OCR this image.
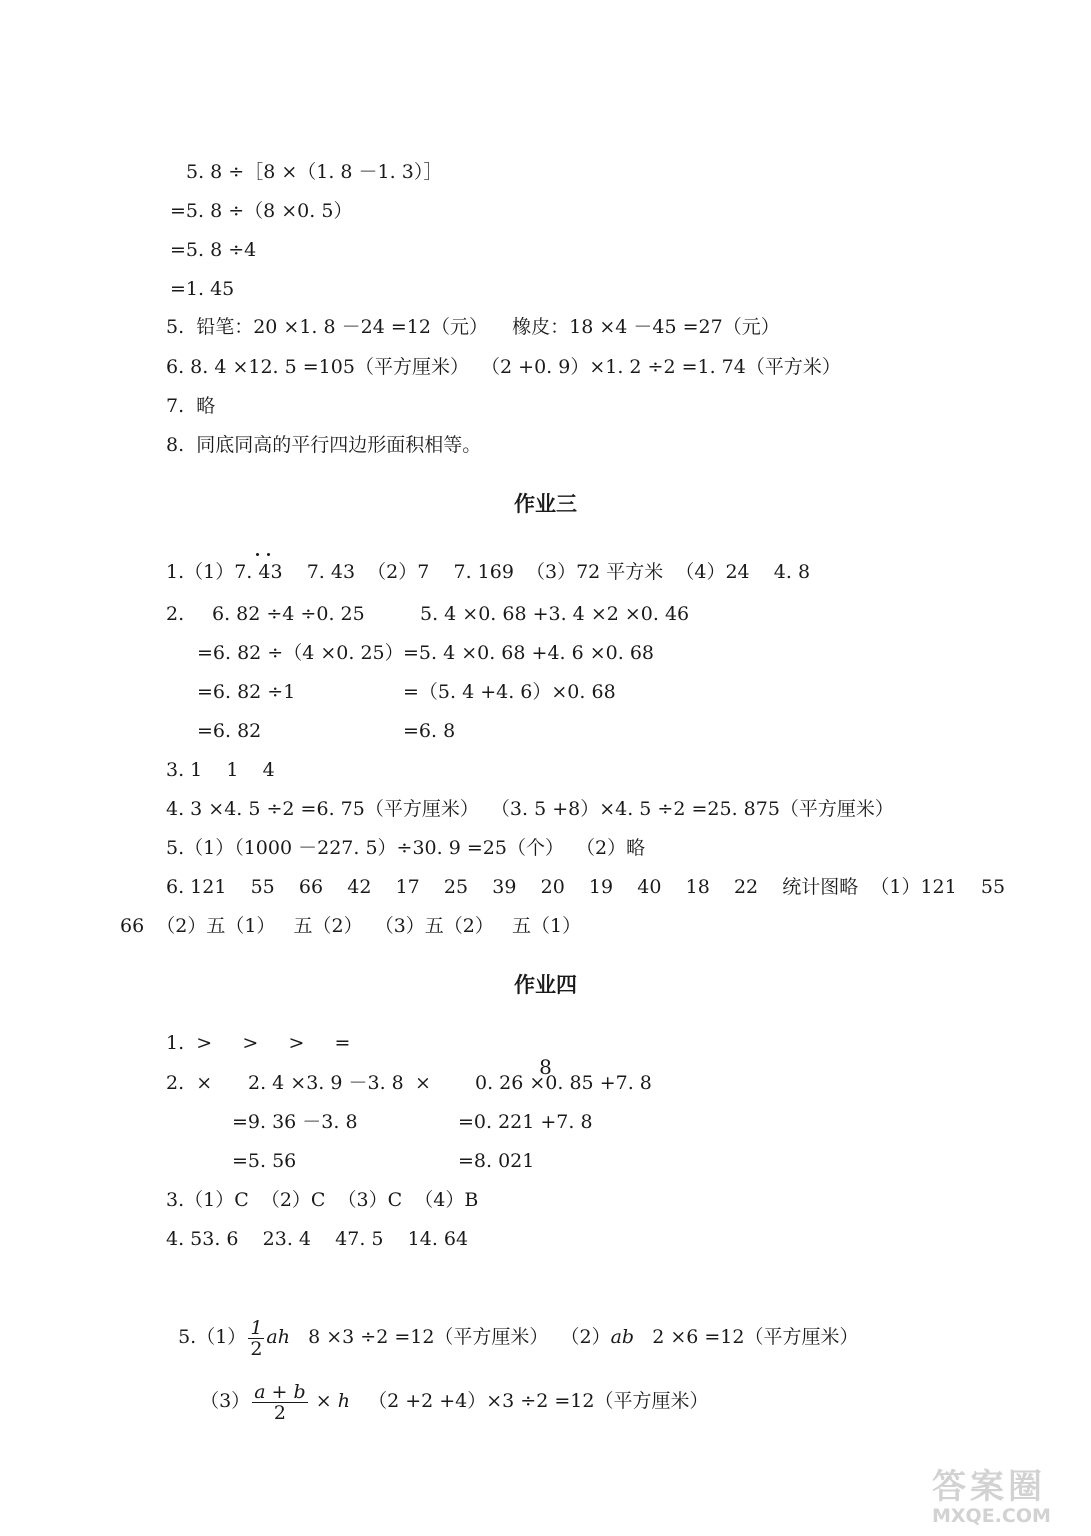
5. 8 ÷［8 ×（1. 8 －1. 3）］
=5. 8 ÷（8 ×0. 5）
=5. 8 ÷4
=1. 45
5.  铅笔：20 ×1. 8 －24 =12（元）    橡皮：18 ×4 －45 =27（元）
6. 8. 4 ×12. 5 =105（平方厘米）  （2 +0. 9）×1. 2 ÷2 =1. 74（平方米）
7.  略
8.  同底同高的平行四边形面积相等。
作业三
1.（1）7. 43    7. 43  （2）7    7. 169  （3）72 平方米  （4）24    4. 8
2. 6. 82 ÷4 ÷0. 25
=6. 82 ÷（4 ×0. 25）
=6. 82 ÷1
=6. 82
5. 4 ×0. 68 +3. 4 ×2 ×0. 46
=5. 4 ×0. 68 +4. 6 ×0. 68
=（5. 4 +4. 6）×0. 68
=6. 8
3. 1    1    4
4. 3 ×4. 5 ÷2 =6. 75（平方厘米）  （3. 5 +8）×4. 5 ÷2 =25. 875（平方厘米）
5.（1）（1000 －227. 5）÷30. 9 =25（个）  （2）略
6. 121    55    66    42    17    25    39    20    19    40    18    22    统计图略  （1）121    55
66  （2）五（1）   五（2）  （3）五（2）   五（1）
作业四
1.  >     >     >     =
2.  ×	×
2. 4 ×3. 9 －3. 8
=9. 36 －3. 8
=5. 56
0. 26 ×0. 85 +7. 8
=0. 221 +7. 8
=8. 021
3.（1）C  （2）C  （3）C  （4）B
4. 53. 6    23. 4    47. 5    14. 64

$5.(1) \frac{1}{2}$ ah   8 ×3 ÷2 =12（平方厘米）  （2）ab   2 ×6 =12（平方厘米）

$(3) \frac{a + b}{2} \times h$   （2 +2 +4）×3 ÷2 =12（平方厘米）

8
答案圈
MXQE.COM
